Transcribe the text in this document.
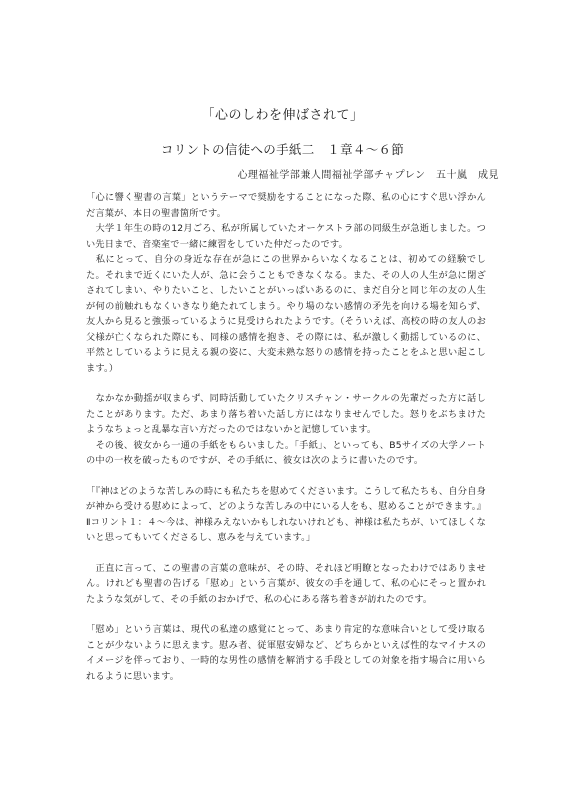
「心のしわを伸ばされて」
コリントの信徒への手紙二　１章４〜６節
心理福祉学部兼人間福祉学部チャプレン　五十嵐　成見

「心に響く聖書の言葉」というテーマで奨励をすることになった際、私の心にすぐ思い浮かんだ言葉が、本日の聖書箇所です。

　大学１年生の時の12月ごろ、私が所属していたオーケストラ部の同級生が急逝しました。つい先日まで、音楽室で一緒に練習をしていた仲だったのです。

　私にとって、自分の身近な存在が急にこの世界からいなくなることは、初めての経験でした。それまで近くにいた人が、急に会うこともできなくなる。また、その人の人生が急に閉ざされてしまい、やりたいこと、したいことがいっぱいあるのに、まだ自分と同じ年の友の人生が何の前触れもなくいきなり絶たれてしまう。やり場のない感情の矛先を向ける場を知らず、友人から見ると強張っているように見受けられたようです。（そういえば、高校の時の友人のお父様が亡くなられた際にも、同様の感情を抱き、その際には、私が激しく動揺しているのに、平然としているように見える親の姿に、大変未熟な怒りの感情を持ったことをふと思い起こします。）

　なかなか動揺が収まらず、同時活動していたクリスチャン・サークルの先輩だった方に話したことがあります。ただ、あまり落ち着いた話し方にはなりませんでした。怒りをぶちまけたようなちょっと乱暴な言い方だったのではないかと記憶しています。

　その後、彼女から一通の手紙をもらいました。「手紙」、といっても、B5サイズの大学ノートの中の一枚を破ったものですが、その手紙に、彼女は次のように書いたのです。

「『神はどのような苦しみの時にも私たちを慰めてくださいます。こうして私たちも、自分自身が神から受ける慰めによって、どのような苦しみの中にいる人をも、慰めることができます。』Ⅱコリント１：４〜今は、神様みえないかもしれないけれども、神様は私たちが、いてほしくないと思ってもいてくださるし、恵みを与えています。」

　正直に言って、この聖書の言葉の意味が、その時、それほど明瞭となったわけではありません。けれども聖書の告げる「慰め」という言葉が、彼女の手を通して、私の心にそっと置かれたような気がして、その手紙のおかげで、私の心にある落ち着きが訪れたのです。

「慰め」という言葉は、現代の私達の感覚にとって、あまり肯定的な意味合いとして受け取ることが少ないように思えます。慰み者、従軍慰安婦など、どちらかといえば性的なマイナスのイメージを伴っており、一時的な男性の感情を解消する手段としての対象を指す場合に用いられるように思います。
